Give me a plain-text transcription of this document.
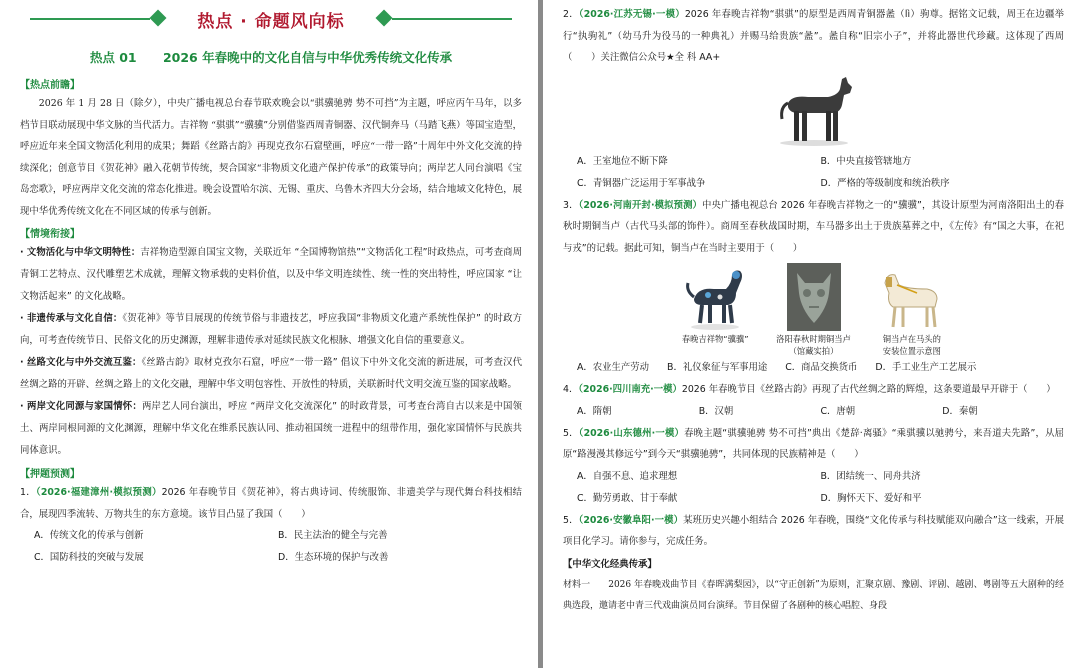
热点 · 命题风向标
热点 01 2026 年春晚中的文化自信与中华优秀传统文化传承
【热点前瞻】

2026 年 1 月 28 日（除夕），中央广播电视总台春节联欢晚会以“骐骥驰骋 势不可挡”为主题，呼应丙午马年，以多档节目联动展现中华文脉的当代活力。吉祥物 “骐骐”“骥骥”分别借鉴西周青铜器、汉代铜奔马（马踏飞燕）等国宝造型，呼应近年来全国文物活化利用的成果；舞蹈《丝路古韵》再现克孜尔石窟壁画，呼应“一带一路”十周年中外文化交流的持续深化；创意节目《贺花神》融入花朝节传统，契合国家“非物质文化遗产保护传承”的政策导向；两岸艺人同台演唱《宝岛恋歌》，呼应两岸文化交流的常态化推进。晚会设置哈尔滨、无锡、重庆、乌鲁木齐四大分会场，结合地域文化特色，展现中华优秀传统文化在不同区域的传承与创新。

【情境衔接】

· 文物活化与中华文明特性：吉祥物造型源自国宝文物，关联近年 “全国博物馆热”“文物活化工程”时政热点，可考查商周青铜工艺特点、汉代雕塑艺术成就，理解文物承载的史料价值，以及中华文明连续性、统一性的突出特性，呼应国家 “让文物活起来” 的文化战略。

· 非遗传承与文化自信：《贺花神》等节目展现的传统节俗与非遗技艺，呼应我国“非物质文化遗产系统性保护” 的时政方向，可考查传统节日、民俗文化的历史渊源，理解非遗传承对延续民族文化根脉、增强文化自信的重要意义。

· 丝路文化与中外交流互鉴：《丝路古韵》取材克孜尔石窟，呼应“一带一路” 倡议下中外文化交流的新进展，可考查汉代丝绸之路的开辟、丝绸之路上的文化交融，理解中华文明包容性、开放性的特质，关联新时代文明交流互鉴的国家战略。

· 两岸文化同源与家国情怀：两岸艺人同台演出，呼应 “两岸文化交流深化” 的时政背景，可考查台湾自古以来是中国领土、两岸同根同源的文化渊源，理解中华文化在维系民族认同、推动祖国统一进程中的纽带作用，强化家国情怀与民族共同体意识。

【押题预测】

1．（2026·福建漳州·模拟预测）2026 年春晚节目《贺花神》，将古典诗词、传统服饰、非遗美学与现代舞台科技相结合，展现四季流转、万物共生的东方意境。该节目凸显了我国（　　）

A．传统文化的传承与创新	B．民主法治的健全与完善
C．国防科技的突破与发展	D．生态环境的保护与改善

2．（2026·江苏无锡·一模）2026 年春晚吉祥物“骐骐”的原型是西周青铜器盠（lì）驹尊。据铭文记载，周王在边疆举行“执驹礼”（幼马升为役马的一种典礼）并赐马给贵族“盠”。盠自称“旧宗小子”，并将此器世代珍藏。这体现了西周（　　）关注微信公众号★全 科 AA+

A．王室地位不断下降	B．中央直接管辖地方
C．青铜器广泛运用于军事战争	D．严格的等级制度和统治秩序

3．（2026·河南开封·模拟预测）中央广播电视总台 2026 年春晚吉祥物之一的“骥骥”，其设计原型为河南洛阳出土的春秋时期铜当卢（古代马头部的饰件）。商周至春秋战国时期，车马器多出土于贵族墓葬之中，《左传》有“国之大事，在祀与戎”的记载。据此可知，铜当卢在当时主要用于（　　）

春晚吉祥物“骥骥”	洛阳春秋时期铜当卢
（馆藏实拍）
铜当卢在马头的
安装位置示意图
A．农业生产劳动 B．礼仪象征与军事用途 C．商品交换货币 D．手工业生产工艺展示

4．（2026·四川南充·一模）2026 年春晚节目《丝路古韵》再现了古代丝绸之路的辉煌，这条要道最早开辟于（　　）

A．隋朝	B．汉朝	C．唐朝	D．秦朝

5．（2026·山东德州·一模）春晚主题“骐骥驰骋 势不可挡”典出《楚辞·离骚》“乘骐骥以驰骋兮，来吾道夫先路”，从屈原“路漫漫其修远兮”到今天“骐骥驰骋”，共同体现的民族精神是（　　）

A．自强不息、追求理想	B．团结统一、同舟共济
C．勤劳勇敢、甘于奉献	D．胸怀天下、爱好和平

5．（2026·安徽阜阳·一模）某班历史兴趣小组结合 2026 年春晚，围绕“文化传承与科技赋能双向融合”这一线索，开展项目化学习。请你参与，完成任务。

【中华文化经典传承】

材料一　　2026 年春晚戏曲节目《春晖满梨园》，以“守正创新”为原则，汇聚京剧、豫剧、评剧、越剧、粤剧等五大剧种的经典选段，邀请老中青三代戏曲演员同台演绎。节目保留了各剧种的核心唱腔、身段
